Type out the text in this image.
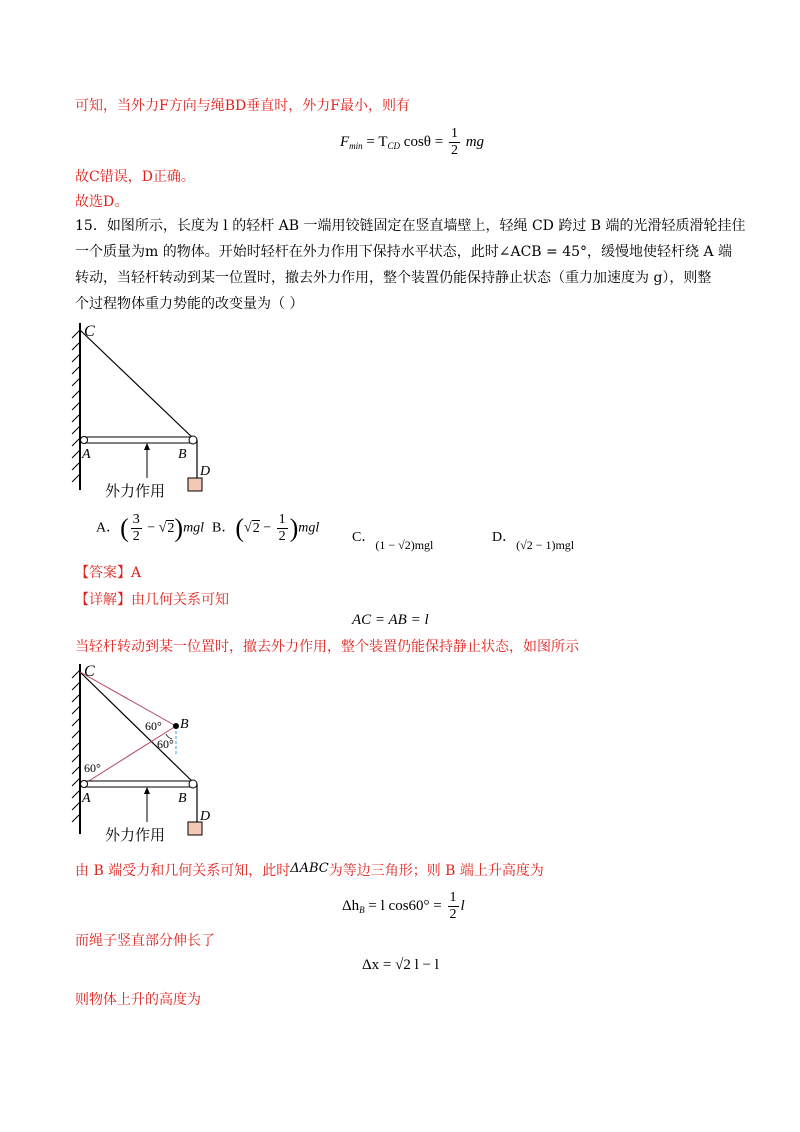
可知，当外力F方向与绳BD垂直时，外力F最小，则有
$F_{min} = T_{CD}$ $\cos\theta = \frac{1}{2}$ mg
故C错误，D正确。
故选D。
15．如图所示，长度为 l 的轻杆 AB 一端用铰链固定在竖直墙壁上，轻绳 CD 跨过 B 端的光滑轻质滑轮挂住
一个质量为m 的物体。开始时轻杆在外力作用下保持水平状态，此时∠ACB = 45°，缓慢地使轻杆绕 A 端
转动，当轻杆转动到某一位置时，撤去外力作用，整个装置仍能保持静止状态（重力加速度为 g），则整
个过程物体重力势能的改变量为（ ）
C
A	B
D
外力作用
A．( $\frac{3}{2} - √2)mgl$ B．$(√2 - \frac{1}{2} )mgl$
C．(1 − √2)mgl	D．(√2 − 1)mgl
【答案】A
【详解】由几何关系可知
AC = AB = l
当轻杆转动到某一位置时，撤去外力作用，整个装置仍能保持静止状态，如图所示
C
B
60°
60°
60°
A	B
D
外力作用
由 B 端受力和几何关系可知，此时ΔABC为等边三角形；则 B 端上升高度为
$\Delta h_B = l$ $\cos 60^\circ = \frac{1}{2}$ l
而绳子竖直部分伸长了
Δx = √2 l − l
则物体上升的高度为
